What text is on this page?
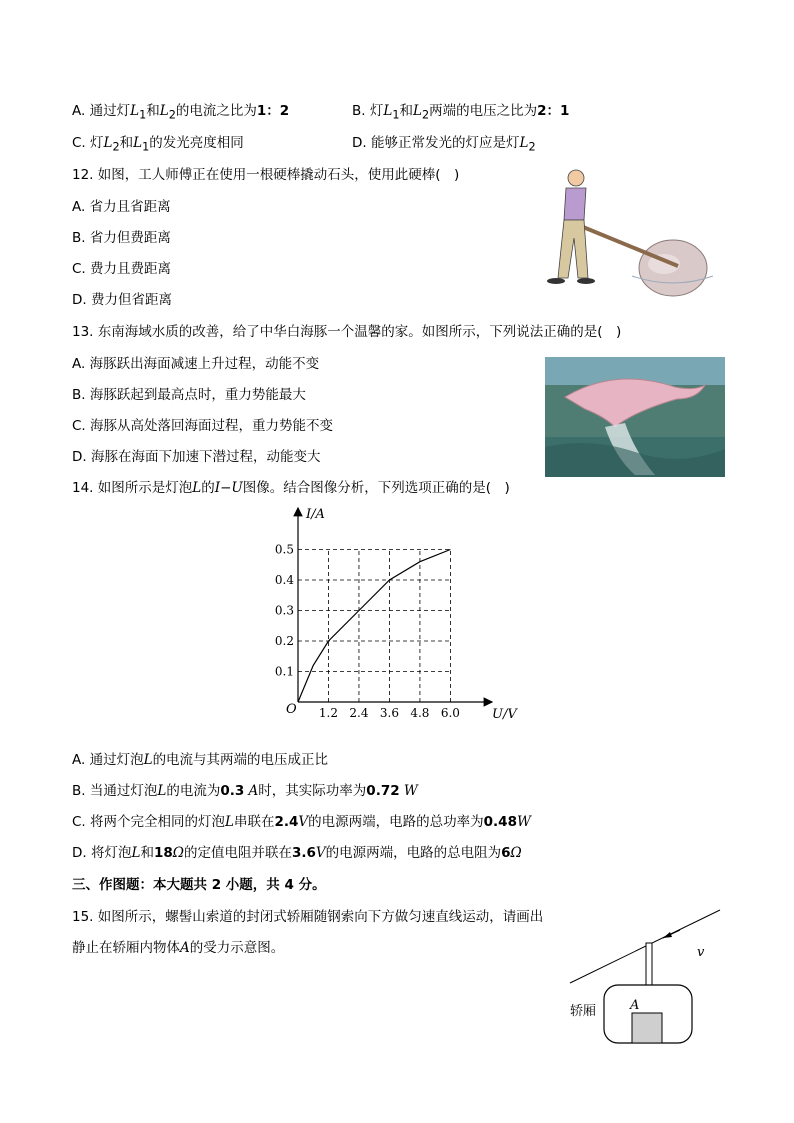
A. 通过灯$L_1$和$L_2$的电流之比为1：2	B. 灯$L_1$和$L_2$两端的电压之比为2：1
C. 灯$L_2$和$L_1$的发光亮度相同	D. 能够正常发光的灯应是灯$L_2$
12. 如图，工人师傅正在使用一根硬棒撬动石头，使用此硬棒(　)
A. 省力且省距离
B. 省力但费距离
C. 费力且费距离
D. 费力但省距离
13. 东南海域水质的改善，给了中华白海豚一个温馨的家。如图所示，下列说法正确的是(　)
A. 海豚跃出海面减速上升过程，动能不变
B. 海豚跃起到最高点时，重力势能最大
C. 海豚从高处落回海面过程，重力势能不变
D. 海豚在海面下加速下潜过程，动能变大
14. 如图所示是灯泡L的I−U图像。结合图像分析，下列选项正确的是(　)
1.2 2.4 3.6 4.8 6.0
0.1
0.2
0.3
0.4
0.5
I/A
U/V
O
A. 通过灯泡L的电流与其两端的电压成正比
B. 当通过灯泡L的电流为0.3 A时，其实际功率为0.72 W
C. 将两个完全相同的灯泡L串联在2.4V的电源两端，电路的总功率为0.48W
D. 将灯泡L和18Ω的定值电阻并联在3.6V的电源两端，电路的总电阻为6Ω
三、作图题：本大题共 2 小题，共 4 分。
15. 如图所示，螺髻山索道的封闭式轿厢随钢索向下方做匀速直线运动，请画出
静止在轿厢内物体A的受力示意图。	v
A
轿厢
